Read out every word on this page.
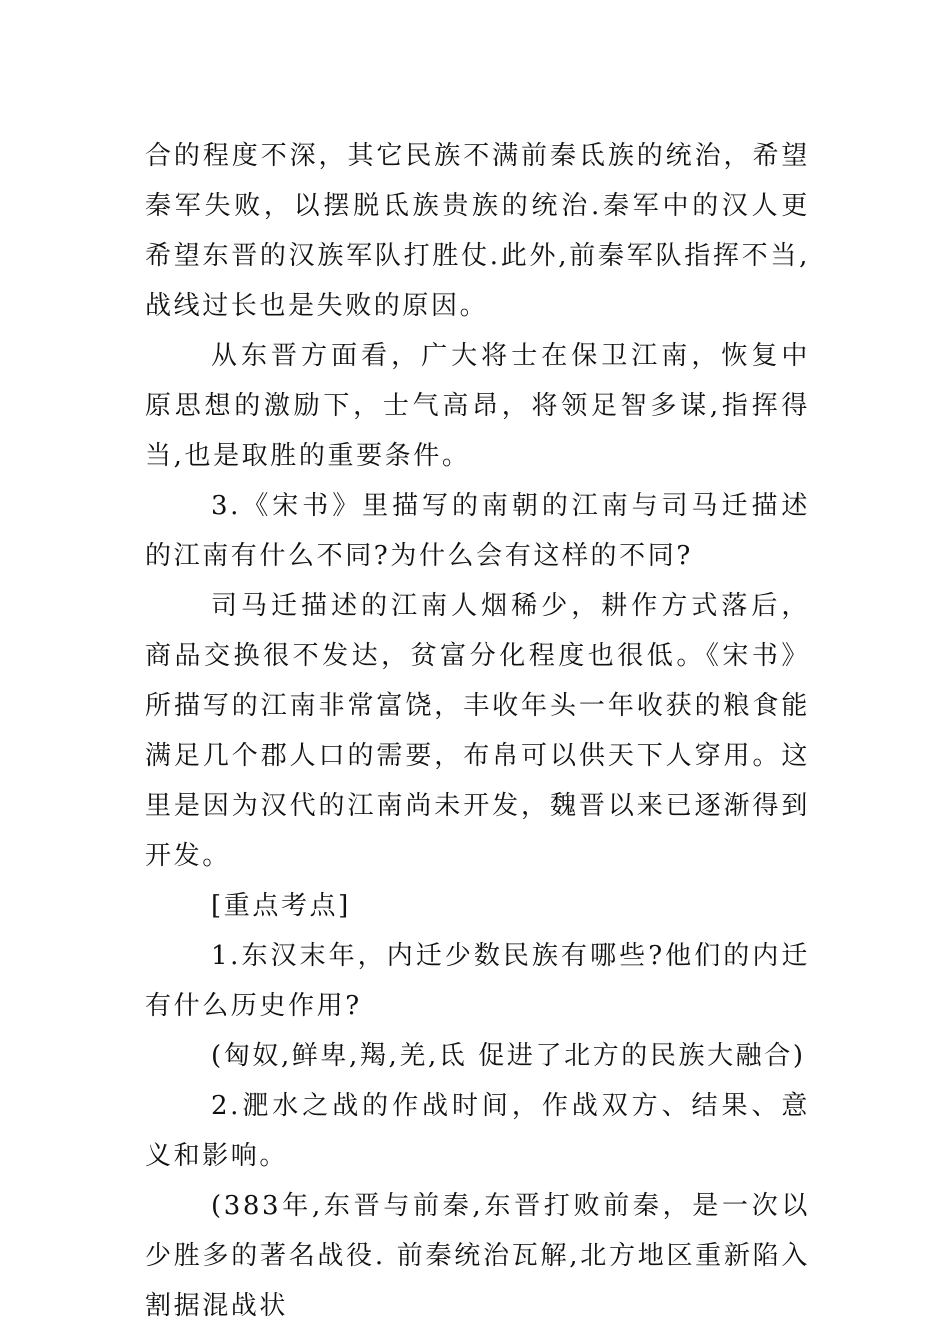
合的程度不深，其它民族不满前秦氐族的统治，希望秦军失败，以摆脱氐族贵族的统治.秦军中的汉人更希望东晋的汉族军队打胜仗.此外,前秦军队指挥不当,战线过长也是失败的原因。

从东晋方面看，广大将士在保卫江南，恢复中原思想的激励下，士气高昂，将领足智多谋,指挥得当,也是取胜的重要条件。

3.《宋书》里描写的南朝的江南与司马迁描述的江南有什么不同?为什么会有这样的不同?

司马迁描述的江南人烟稀少，耕作方式落后，商品交换很不发达，贫富分化程度也很低。《宋书》所描写的江南非常富饶，丰收年头一年收获的粮食能满足几个郡人口的需要，布帛可以供天下人穿用。这里是因为汉代的江南尚未开发，魏晋以来已逐渐得到开发。

[重点考点]

1.东汉末年，内迁少数民族有哪些?他们的内迁有什么历史作用?

(匈奴,鲜卑,羯,羌,氐 促进了北方的民族大融合)

2.淝水之战的作战时间，作战双方、结果、意义和影响。

(383年,东晋与前秦,东晋打败前秦，是一次以少胜多的著名战役. 前秦统治瓦解,北方地区重新陷入割据混战状
